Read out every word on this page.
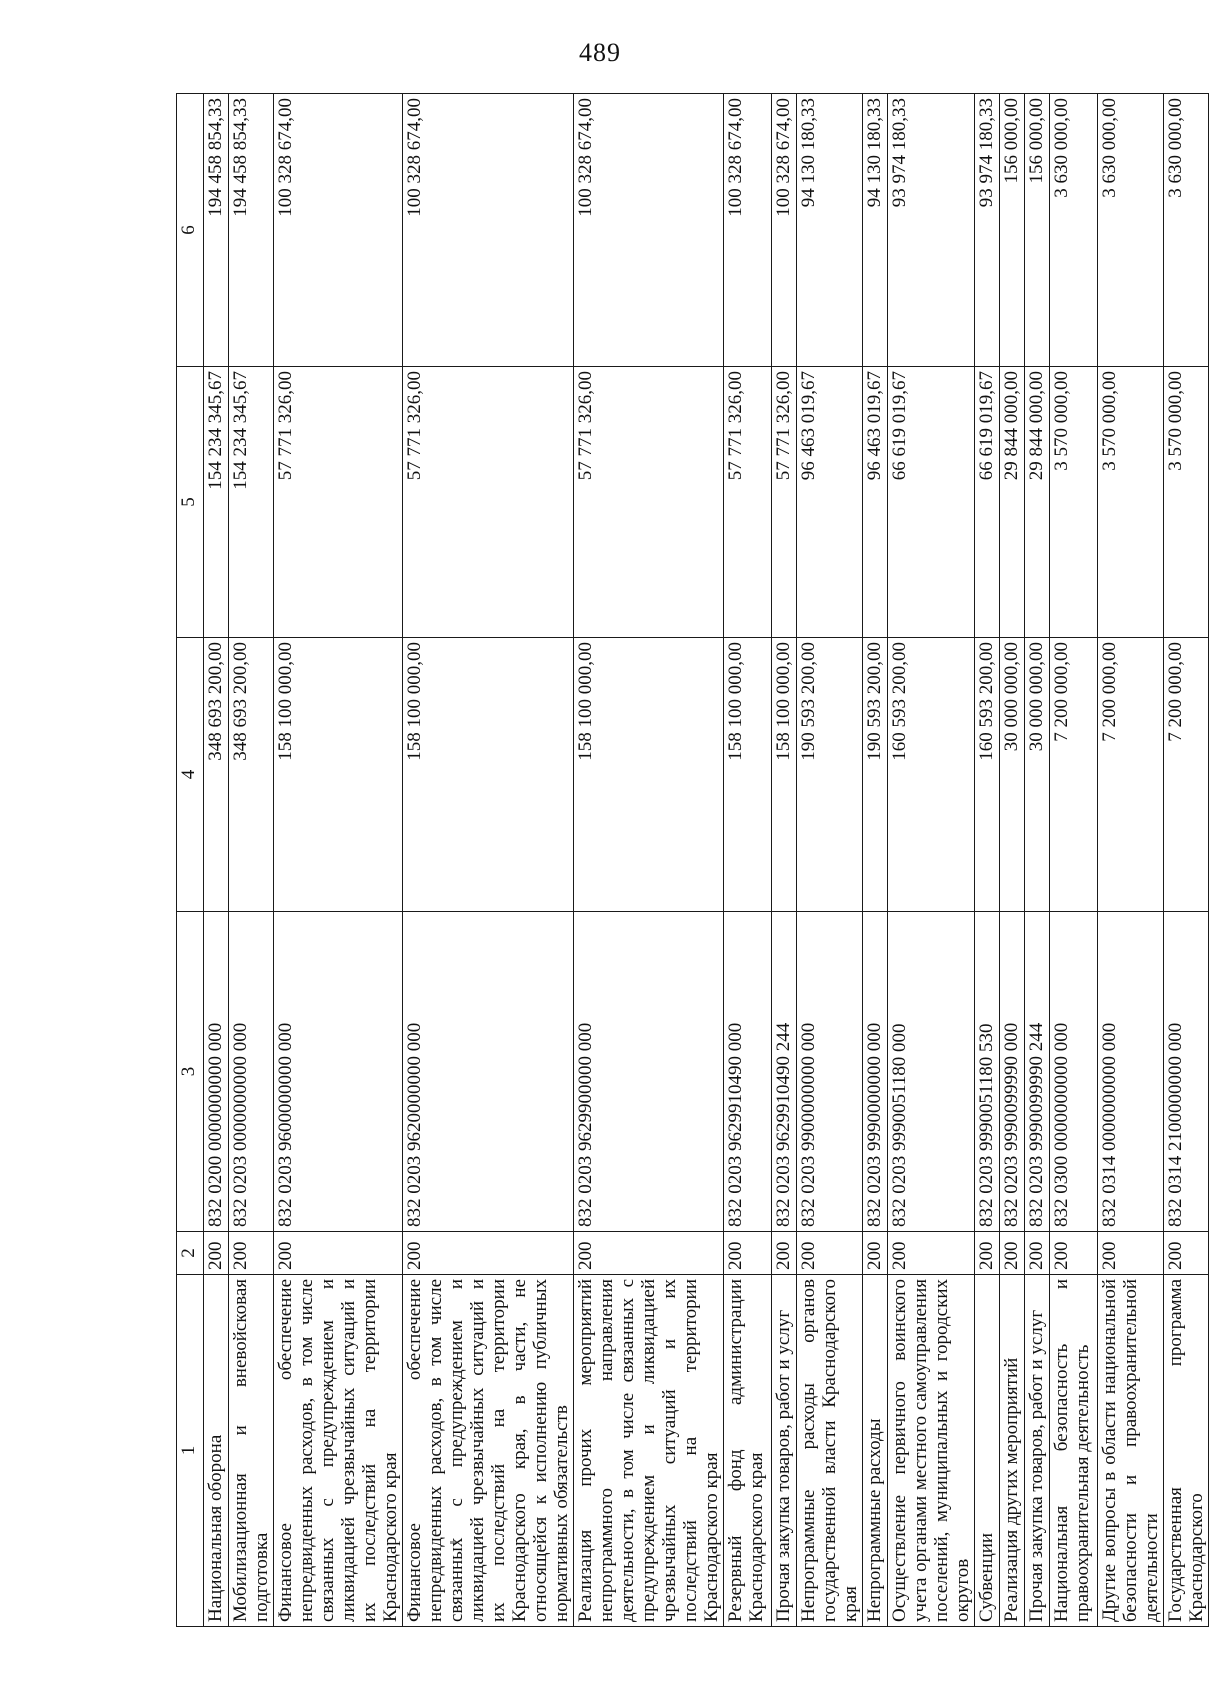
489
1	2	3	4	5	6
Национальная оборона	200	832 0200 0000000000 000	348 693 200,00	154 234 345,67	194 458 854,33
Мобилизационная и вневойсковая подготовка	200	832 0203 0000000000 000	348 693 200,00	154 234 345,67	194 458 854,33
Финансовое обеспечение непредвиденных расходов, в том числе связанных с предупреждением и ликвидацией чрезвычайных ситуаций и их последствий на территории Краснодарского края	200	832 0203 9600000000 000	158 100 000,00	57 771 326,00	100 328 674,00
Финансовое обеспечение непредвиденных расходов, в том числе связанных с предупреждением и ликвидацией чрезвычайных ситуаций и их последствий на территории Краснодарского края, в части, не относящейся к исполнению публичных нормативных обязательств	200	832 0203 9620000000 000	158 100 000,00	57 771 326,00	100 328 674,00
Реализация прочих мероприятий непрограммного направления деятельности, в том числе связанных с предупреждением и ликвидацией чрезвычайных ситуаций и их последствий на территории Краснодарского края	200	832 0203 9629900000 000	158 100 000,00	57 771 326,00	100 328 674,00
Резервный фонд администрации Краснодарского края	200	832 0203 9629910490 000	158 100 000,00	57 771 326,00	100 328 674,00
Прочая закупка товаров, работ и услуг	200	832 0203 9629910490 244	158 100 000,00	57 771 326,00	100 328 674,00
Непрограммные расходы органов государственной власти Краснодарского края	200	832 0203 9900000000 000	190 593 200,00	96 463 019,67	94 130 180,33
Непрограммные расходы	200	832 0203 9990000000 000	190 593 200,00	96 463 019,67	94 130 180,33
Осуществление первичного воинского учета органами местного самоуправления поселений, муниципальных и городских округов	200	832 0203 9990051180 000	160 593 200,00	66 619 019,67	93 974 180,33
Субвенции	200	832 0203 9990051180 530	160 593 200,00	66 619 019,67	93 974 180,33
Реализация других мероприятий	200	832 0203 9990099990 000	30 000 000,00	29 844 000,00	156 000,00
Прочая закупка товаров, работ и услуг	200	832 0203 9990099990 244	30 000 000,00	29 844 000,00	156 000,00
Национальная безопасность и правоохранительная деятельность	200	832 0300 0000000000 000	7 200 000,00	3 570 000,00	3 630 000,00
Другие вопросы в области национальной безопасности и правоохранительной деятельности	200	832 0314 0000000000 000	7 200 000,00	3 570 000,00	3 630 000,00
Государственная программа Краснодарского	200	832 0314 2100000000 000	7 200 000,00	3 570 000,00	3 630 000,00
